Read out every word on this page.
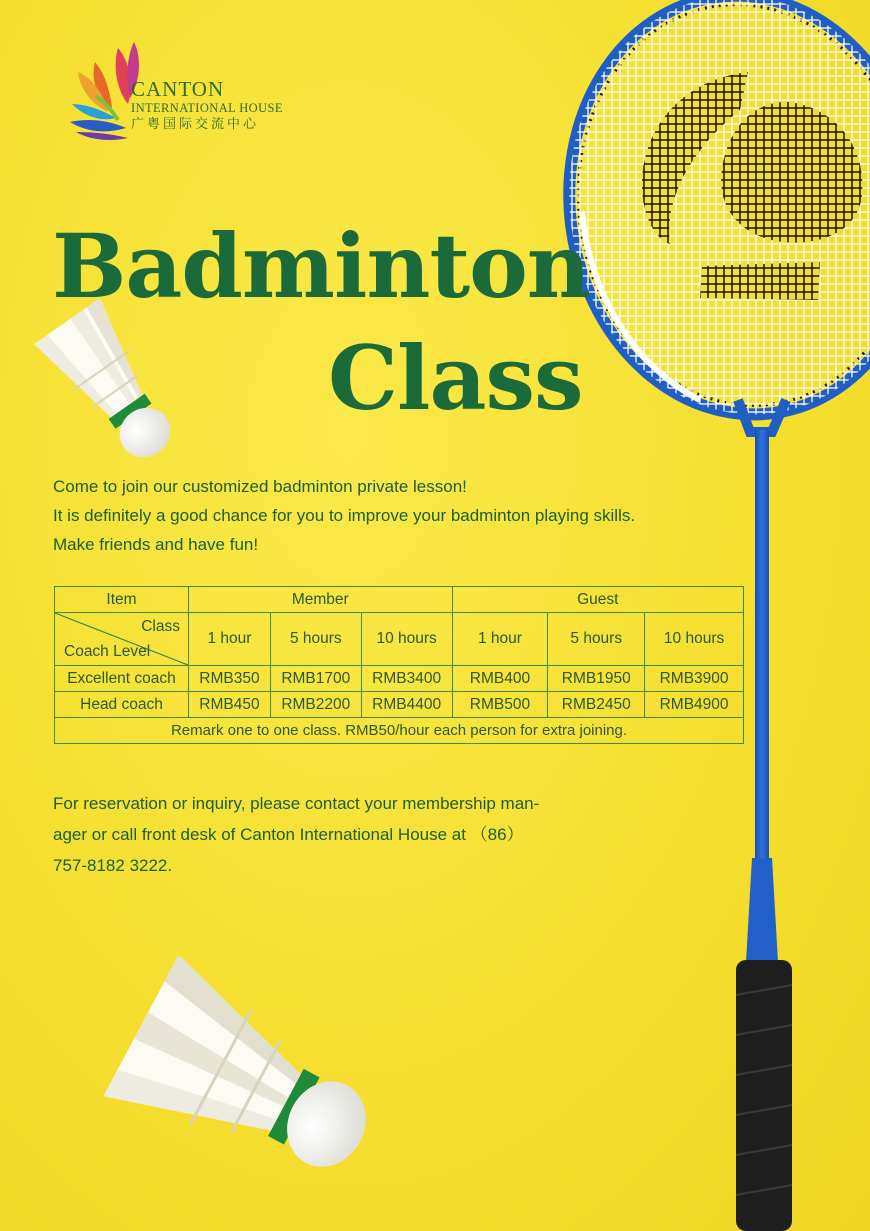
CANTON
INTERNATIONAL HOUSE
广粤国际交流中心
Badminton
Class
Come to join our customized badminton private lesson!
It is definitely a good chance for you to improve your badminton playing skills.
Make friends and have fun!
Item	Member			Guest		

Class
Coach Level	1 hour	5 hours	10 hours	1 hour	5 hours	10 hours
Excellent coach	RMB350	RMB1700	RMB3400	RMB400	RMB1950	RMB3900
Head coach	RMB450	RMB2200	RMB4400	RMB500	RMB2450	RMB4900
Remark one to one class. RMB50/hour each person for extra joining.						
For reservation or inquiry, please contact your membership man-
ager or call front desk of Canton International House at （86）
757-8182 3222.
